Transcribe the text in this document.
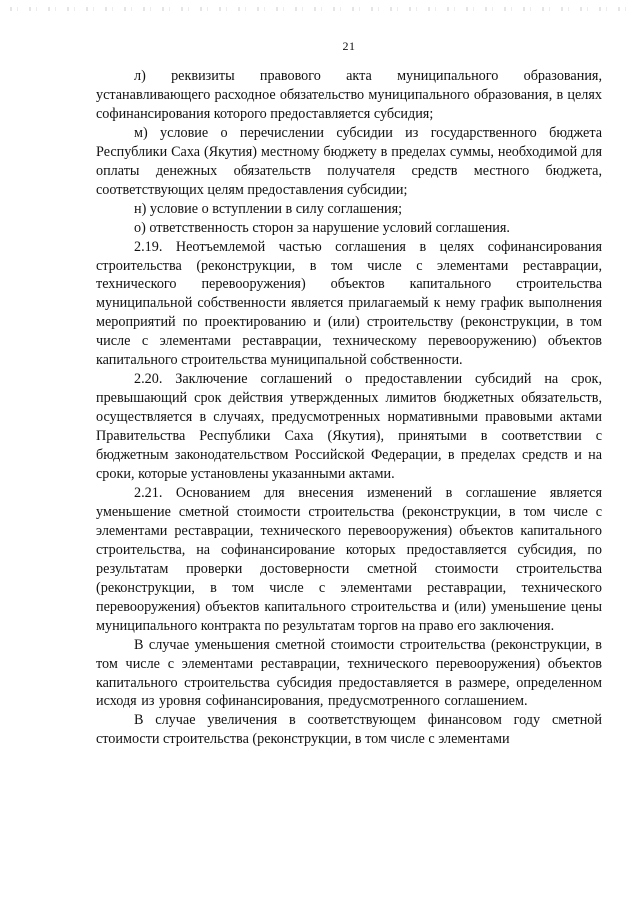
21

л) реквизиты правового акта муниципального образования, устанавливающего расходное обязательство муниципального образования, в целях софинансирования которого предоставляется субсидия;

м) условие о перечислении субсидии из государственного бюджета Республики Саха (Якутия) местному бюджету в пределах суммы, необходимой для оплаты денежных обязательств получателя средств местного бюджета, соответствующих целям предоставления субсидии;

н) условие о вступлении в силу соглашения;

о) ответственность сторон за нарушение условий соглашения.

2.19. Неотъемлемой частью соглашения в целях софинансирования строительства (реконструкции, в том числе с элементами реставрации, технического перевооружения) объектов капитального строительства муниципальной собственности является прилагаемый к нему график выполнения мероприятий по проектированию и (или) строительству (реконструкции, в том числе с элементами реставрации, техническому перевооружению) объектов капитального строительства муниципальной собственности.

2.20. Заключение соглашений о предоставлении субсидий на срок, превышающий срок действия утвержденных лимитов бюджетных обязательств, осуществляется в случаях, предусмотренных нормативными правовыми актами Правительства Республики Саха (Якутия), принятыми в соответствии с бюджетным законодательством Российской Федерации, в пределах средств и на сроки, которые установлены указанными актами.

2.21. Основанием для внесения изменений в соглашение является уменьшение сметной стоимости строительства (реконструкции, в том числе с элементами реставрации, технического перевооружения) объектов капитального строительства, на софинансирование которых предоставляется субсидия, по результатам проверки достоверности сметной стоимости строительства (реконструкции, в том числе с элементами реставрации, технического перевооружения) объектов капитального строительства и (или) уменьшение цены муниципального контракта по результатам торгов на право его заключения.

В случае уменьшения сметной стоимости строительства (реконструкции, в том числе с элементами реставрации, технического перевооружения) объектов капитального строительства субсидия предоставляется в размере, определенном исходя из уровня софинансирования, предусмотренного соглашением.

В случае увеличения в соответствующем финансовом году сметной стоимости строительства (реконструкции, в том числе с элементами
